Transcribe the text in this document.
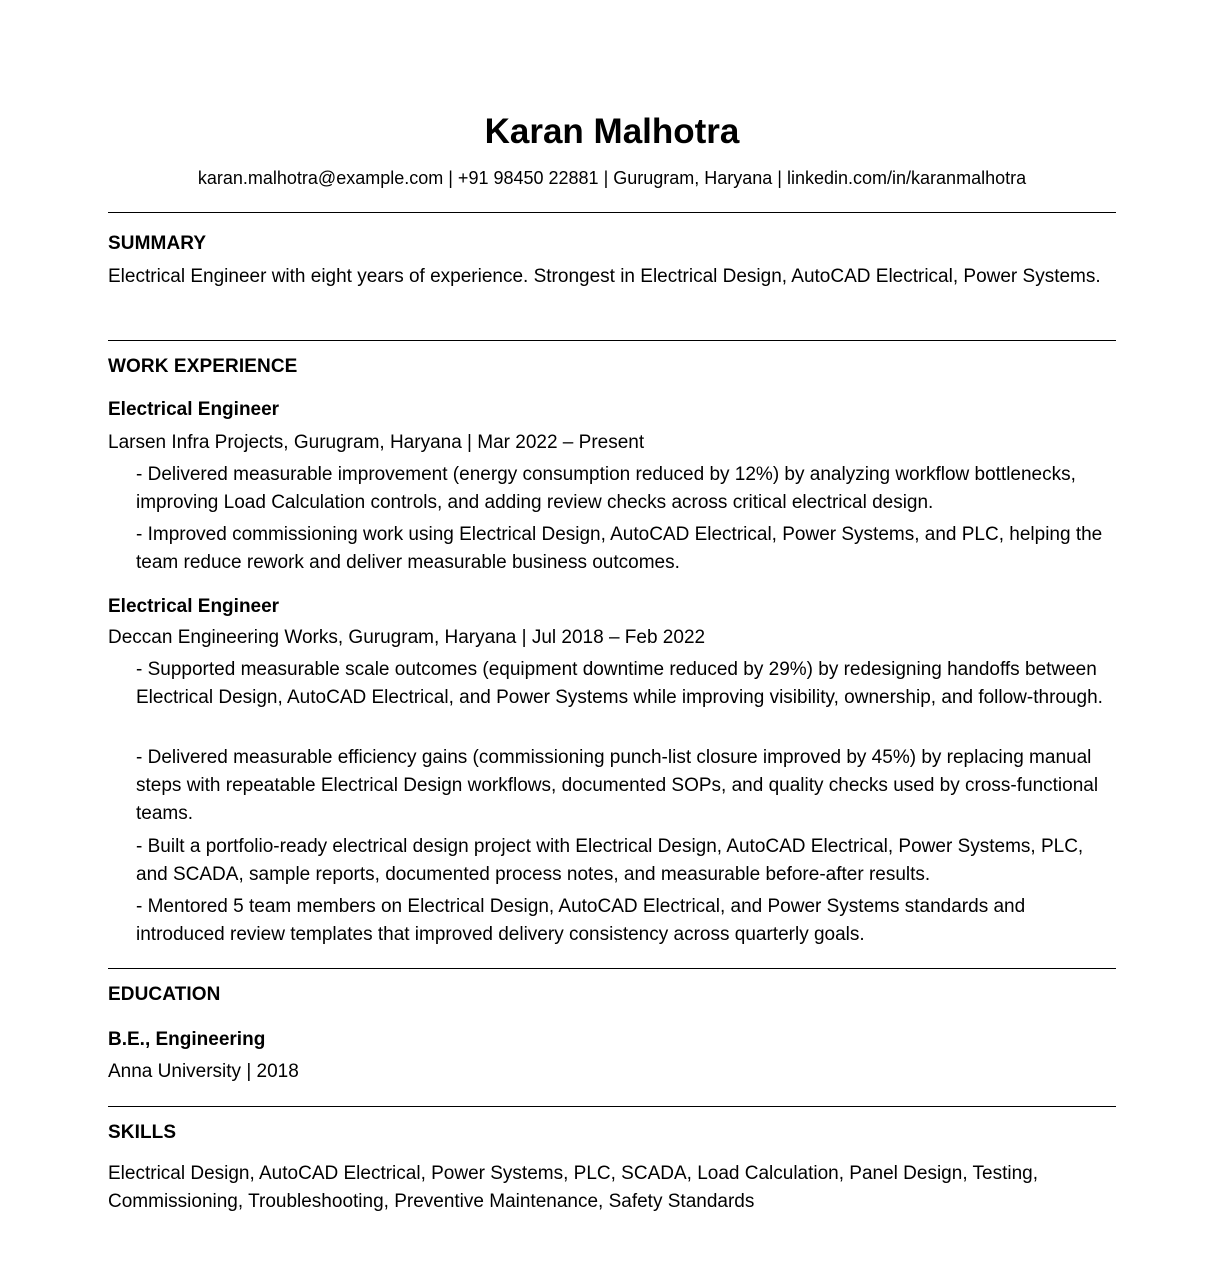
Karan Malhotra
karan.malhotra@example.com | +91 98450 22881 | Gurugram, Haryana | linkedin.com/in/karanmalhotra
SUMMARY
Electrical Engineer with eight years of experience. Strongest in Electrical Design, AutoCAD Electrical, Power Systems.
WORK EXPERIENCE
Electrical Engineer
Larsen Infra Projects, Gurugram, Haryana | Mar 2022 – Present
- Delivered measurable improvement (energy consumption reduced by 12%) by analyzing workflow bottlenecks, improving Load Calculation controls, and adding review checks across critical electrical design.
- Improved commissioning work using Electrical Design, AutoCAD Electrical, Power Systems, and PLC, helping the team reduce rework and deliver measurable business outcomes.
Electrical Engineer
Deccan Engineering Works, Gurugram, Haryana | Jul 2018 – Feb 2022
- Supported measurable scale outcomes (equipment downtime reduced by 29%) by redesigning handoffs between Electrical Design, AutoCAD Electrical, and Power Systems while improving visibility, ownership, and follow-through.
- Delivered measurable efficiency gains (commissioning punch-list closure improved by 45%) by replacing manual steps with repeatable Electrical Design workflows, documented SOPs, and quality checks used by cross-functional teams.
- Built a portfolio-ready electrical design project with Electrical Design, AutoCAD Electrical, Power Systems, PLC, and SCADA, sample reports, documented process notes, and measurable before-after results.
- Mentored 5 team members on Electrical Design, AutoCAD Electrical, and Power Systems standards and introduced review templates that improved delivery consistency across quarterly goals.
EDUCATION
B.E., Engineering
Anna University | 2018
SKILLS
Electrical Design, AutoCAD Electrical, Power Systems, PLC, SCADA, Load Calculation, Panel Design, Testing, Commissioning, Troubleshooting, Preventive Maintenance, Safety Standards
